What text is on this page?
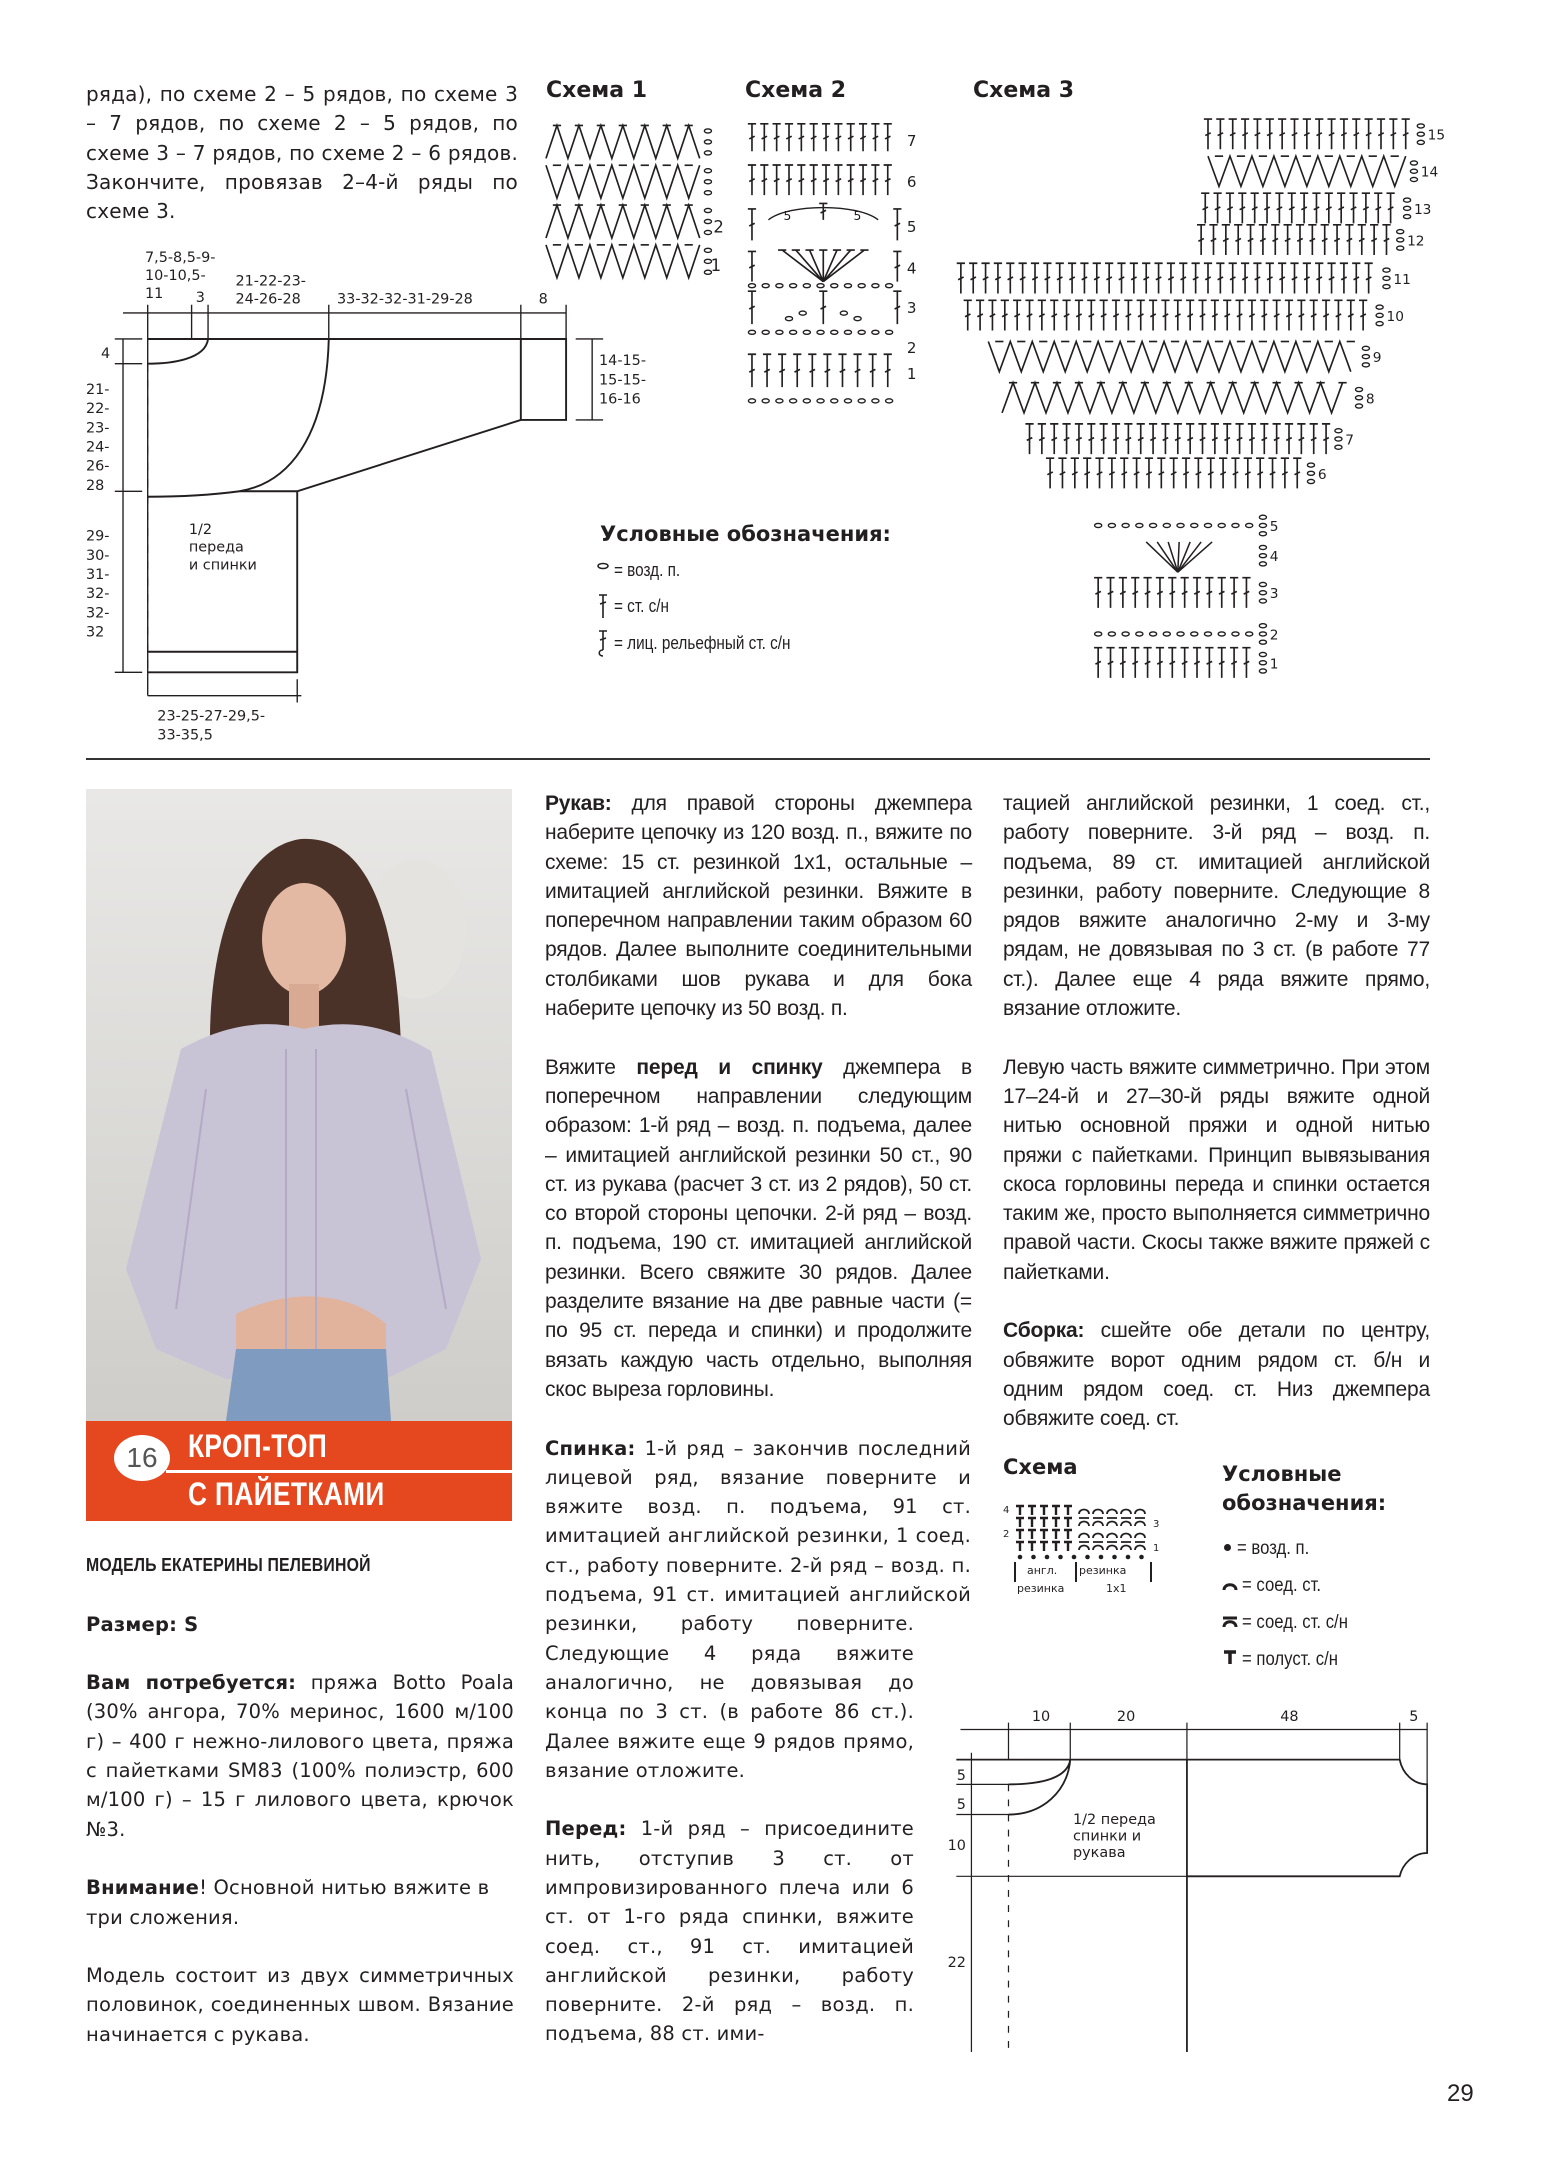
ряда), по схеме 2 – 5 рядов, по схеме 3 – 7 рядов, по схеме 2 – 5 рядов, по схеме 3 – 7 рядов, по схеме 2 – 6 рядов. Закончите, провязав 2–4-й ряды по схеме 3.
Схема 1	Схема 2	Схема 3
2
1
7
6
5
4
3
2
1
5	5
1
2
3
4
5
6
7
8
9
10
11
12
13
14
15
Условные обозначения:
= возд. п.
= ст. с/н
= лиц. рельефный ст. с/н
7,5-8,5-9-
10-10,5-
11	3
21-22-23-
24-26-28	33-32-32-31-29-28	8
4	14-15-
15-15-
16-16
23-25-27-29,5-
33-35,5
1/2
переда
и спинки
21-
22-
23-
24-
26-
28
29-
30-
31-
32-
32-
32
16 КРОП-ТОП
С ПАЙЕТКАМИ

МОДЕЛЬ ЕКАТЕРИНЫ ПЕЛЕВИНОЙ

Размер: S

Вам потребуется: пряжа Botto Poala (30% ангора, 70% меринос, 1600 м/100 г) – 400 г нежно-лилового цвета, пряжа с пайетками SM83 (100% полиэстр, 600 м/100 г) – 15 г лилового цвета, крючок №3.

Внимание! Основной нитью вяжите в три сложения.

Модель состоит из двух симметричных половинок, соединенных швом. Вязание начинается с рукава.

Рукав: для правой стороны джемпера наберите цепочку из 120 возд. п., вяжите по схеме: 15 ст. резинкой 1х1, остальные – имитацией английской резинки. Вяжите в поперечном направлении таким образом 60 рядов. Далее выполните соединительными столбиками шов рукава и для бока наберите цепочку из 50 возд. п.

Вяжите перед и спинку джемпера в поперечном направлении следующим образом: 1-й ряд – возд. п. подъема, далее – имитацией английской резинки 50 ст., 90 ст. из рукава (расчет 3 ст. из 2 рядов), 50 ст. со второй стороны цепочки. 2-й ряд – возд. п. подъема, 190 ст. имитацией английской резинки. Всего свяжите 30 рядов. Далее разделите вязание на две равные части (= по 95 ст. переда и спинки) и продолжите вязать каждую часть отдельно, выполняя скос выреза горловины.

Спинка: 1-й ряд – закончив последний лицевой ряд, вязание поверните и вяжите возд. п. подъема, 91 ст. имитацией английской резинки, 1 соед. ст., работу поверните. 2-й ряд – возд. п. подъема, 91 ст. имитацией английской резинки, работу поверните. Следующие 4 ряда вяжите аналогично, не довязывая до конца по 3 ст. (в работе 86 ст.). Далее вяжите еще 9 рядов прямо, вязание отложите.

Перед: 1-й ряд – присоедините нить, отступив 3 ст. от импровизированного плеча или 6 ст. от 1-го ряда спинки, вяжите соед. ст., 91 ст. имитацией английской резинки, работу поверните. 2-й ряд – возд. п. подъема, 88 ст. ими-

тацией английской резинки, 1 соед. ст., работу поверните. 3-й ряд – возд. п. подъема, 89 ст. имитацией английской резинки, работу поверните. Следующие 8 рядов вяжите аналогично 2-му и 3-му рядам, не довязывая по 3 ст. (в работе 77 ст.). Далее еще 4 ряда вяжите прямо, вязание отложите.

Левую часть вяжите симметрично. При этом 17–24-й и 27–30-й ряды вяжите одной нитью основной пряжи и одной нитью пряжи с пайетками. Принцип вывязывания скоса горловины переда и спинки остается таким же, просто выполняется симметрично правой части. Скосы также вяжите пряжей с пайетками.

Сборка: сшейте обе детали по центру, обвяжите ворот одним рядом ст. б/н и одним рядом соед. ст. Низ джемпера обвяжите соед. ст.

Схема
4
3
2
1
англ.
резинка
резинка
1x1
Условные
обозначения:
= возд. п.
= соед. ст.
= соед. ст. с/н
= полуст. с/н
10	20	48	5
5
5
10
22
1/2 переда
спинки и
рукава
29
